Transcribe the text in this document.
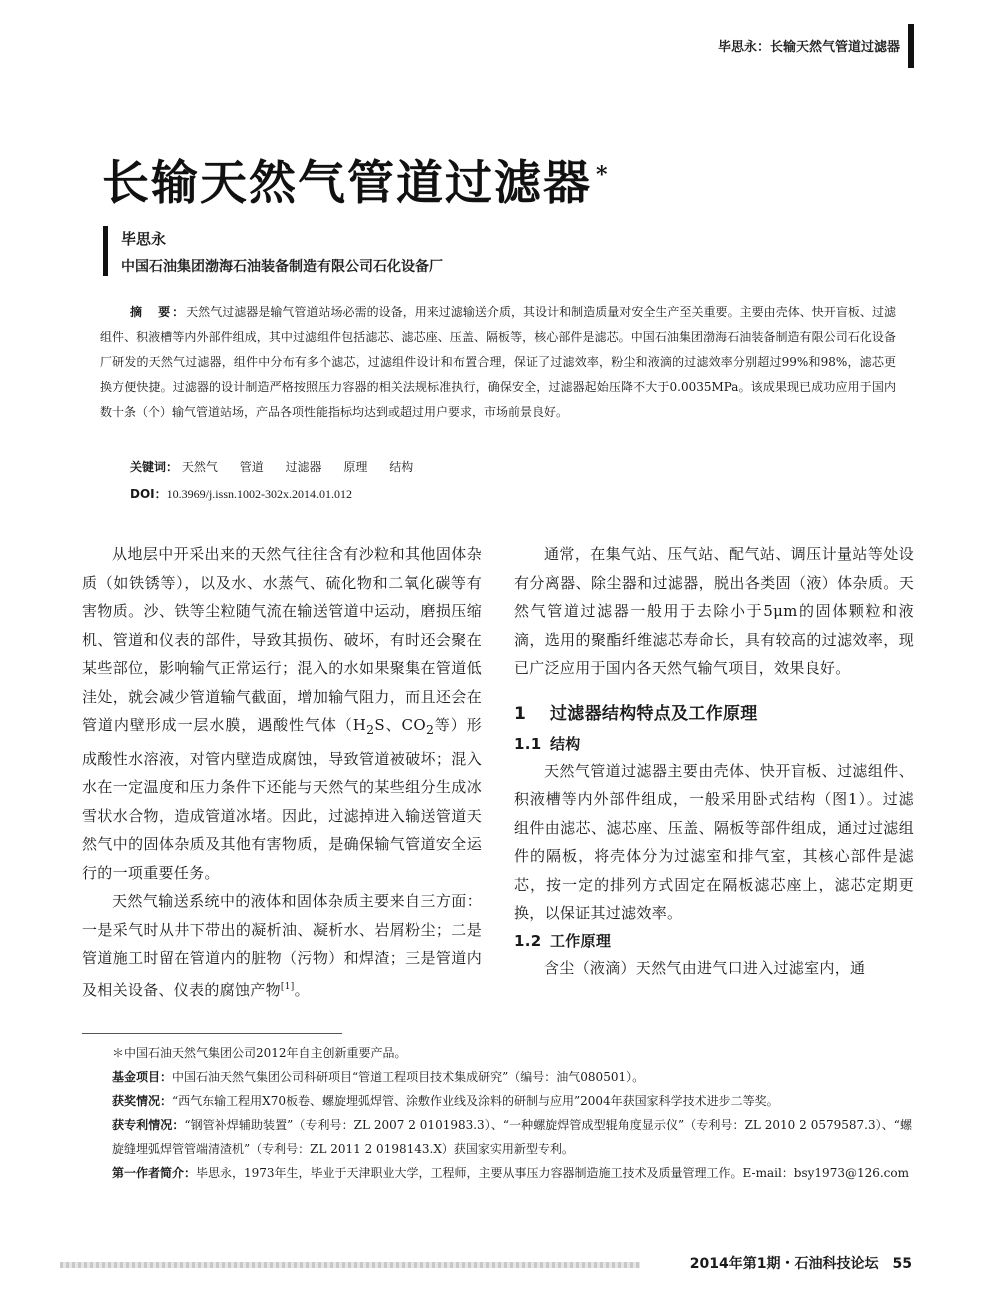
毕思永：长输天然气管道过滤器
长输天然气管道过滤器 *
毕思永
中国石油集团渤海石油装备制造有限公司石化设备厂
摘　要：天然气过滤器是输气管道站场必需的设备，用来过滤输送介质，其设计和制造质量对安全生产至关重要。主要由壳体、快开盲板、过滤组件、积液槽等内外部件组成，其中过滤组件包括滤芯、滤芯座、压盖、隔板等，核心部件是滤芯。中国石油集团渤海石油装备制造有限公司石化设备厂研发的天然气过滤器，组件中分布有多个滤芯，过滤组件设计和布置合理，保证了过滤效率，粉尘和液滴的过滤效率分别超过99%和98%，滤芯更换方便快捷。过滤器的设计制造严格按照压力容器的相关法规标准执行，确保安全，过滤器起始压降不大于0.0035MPa。该成果现已成功应用于国内数十条（个）输气管道站场，产品各项性能指标均达到或超过用户要求，市场前景良好。
关键词： 天然气 管道 过滤器 原理 结构
DOI：10.3969/j.issn.1002-302x.2014.01.012

从地层中开采出来的天然气往往含有沙粒和其他固体杂质（如铁锈等），以及水、水蒸气、硫化物和二氧化碳等有害物质。沙、铁等尘粒随气流在输送管道中运动，磨损压缩机、管道和仪表的部件，导致其损伤、破坏，有时还会聚在某些部位，影响输气正常运行；混入的水如果聚集在管道低洼处，就会减少管道输气截面，增加输气阻力，而且还会在管道内壁形成一层水膜，遇酸性气体（$H_2S$、$CO_2$等）形成酸性水溶液，对管内壁造成腐蚀，导致管道被破坏；混入水在一定温度和压力条件下还能与天然气的某些组分生成冰雪状水合物，造成管道冰堵。因此，过滤掉进入输送管道天然气中的固体杂质及其他有害物质，是确保输气管道安全运行的一项重要任务。

天然气输送系统中的液体和固体杂质主要来自三方面：一是采气时从井下带出的凝析油、凝析水、岩屑粉尘；二是管道施工时留在管道内的脏物（污物）和焊渣；三是管道内及相关设备、仪表的腐蚀产物[1]。

通常，在集气站、压气站、配气站、调压计量站等处设有分离器、除尘器和过滤器，脱出各类固（液）体杂质。天然气管道过滤器一般用于去除小于5μm的固体颗粒和液滴，选用的聚酯纤维滤芯寿命长，具有较高的过滤效率，现已广泛应用于国内各天然气输气项目，效果良好。

1 过滤器结构特点及工作原理
1.1 结构

天然气管道过滤器主要由壳体、快开盲板、过滤组件、积液槽等内外部件组成，一般采用卧式结构（图1）。过滤组件由滤芯、滤芯座、压盖、隔板等部件组成，通过过滤组件的隔板，将壳体分为过滤室和排气室，其核心部件是滤芯，按一定的排列方式固定在隔板滤芯座上，滤芯定期更换，以保证其过滤效率。

1.2 工作原理

含尘（液滴）天然气由进气口进入过滤室内，通

＊中国石油天然气集团公司2012年自主创新重要产品。

基金项目：中国石油天然气集团公司科研项目“管道工程项目技术集成研究”（编号：油气080501）。

获奖情况：“西气东输工程用X70板卷、螺旋埋弧焊管、涂敷作业线及涂料的研制与应用”2004年获国家科学技术进步二等奖。

获专利情况：“钢管补焊辅助装置”（专利号：ZL 2007 2 0101983.3）、“一种螺旋焊管成型辊角度显示仪”（专利号：ZL 2010 2 0579587.3）、“螺旋缝埋弧焊管管端清渣机”（专利号：ZL 2011 2 0198143.X）获国家实用新型专利。

第一作者简介：毕思永，1973年生，毕业于天津职业大学，工程师，主要从事压力容器制造施工技术及质量管理工作。E-mail：bsy1973@126.com

2014年第1期・石油科技论坛 55
